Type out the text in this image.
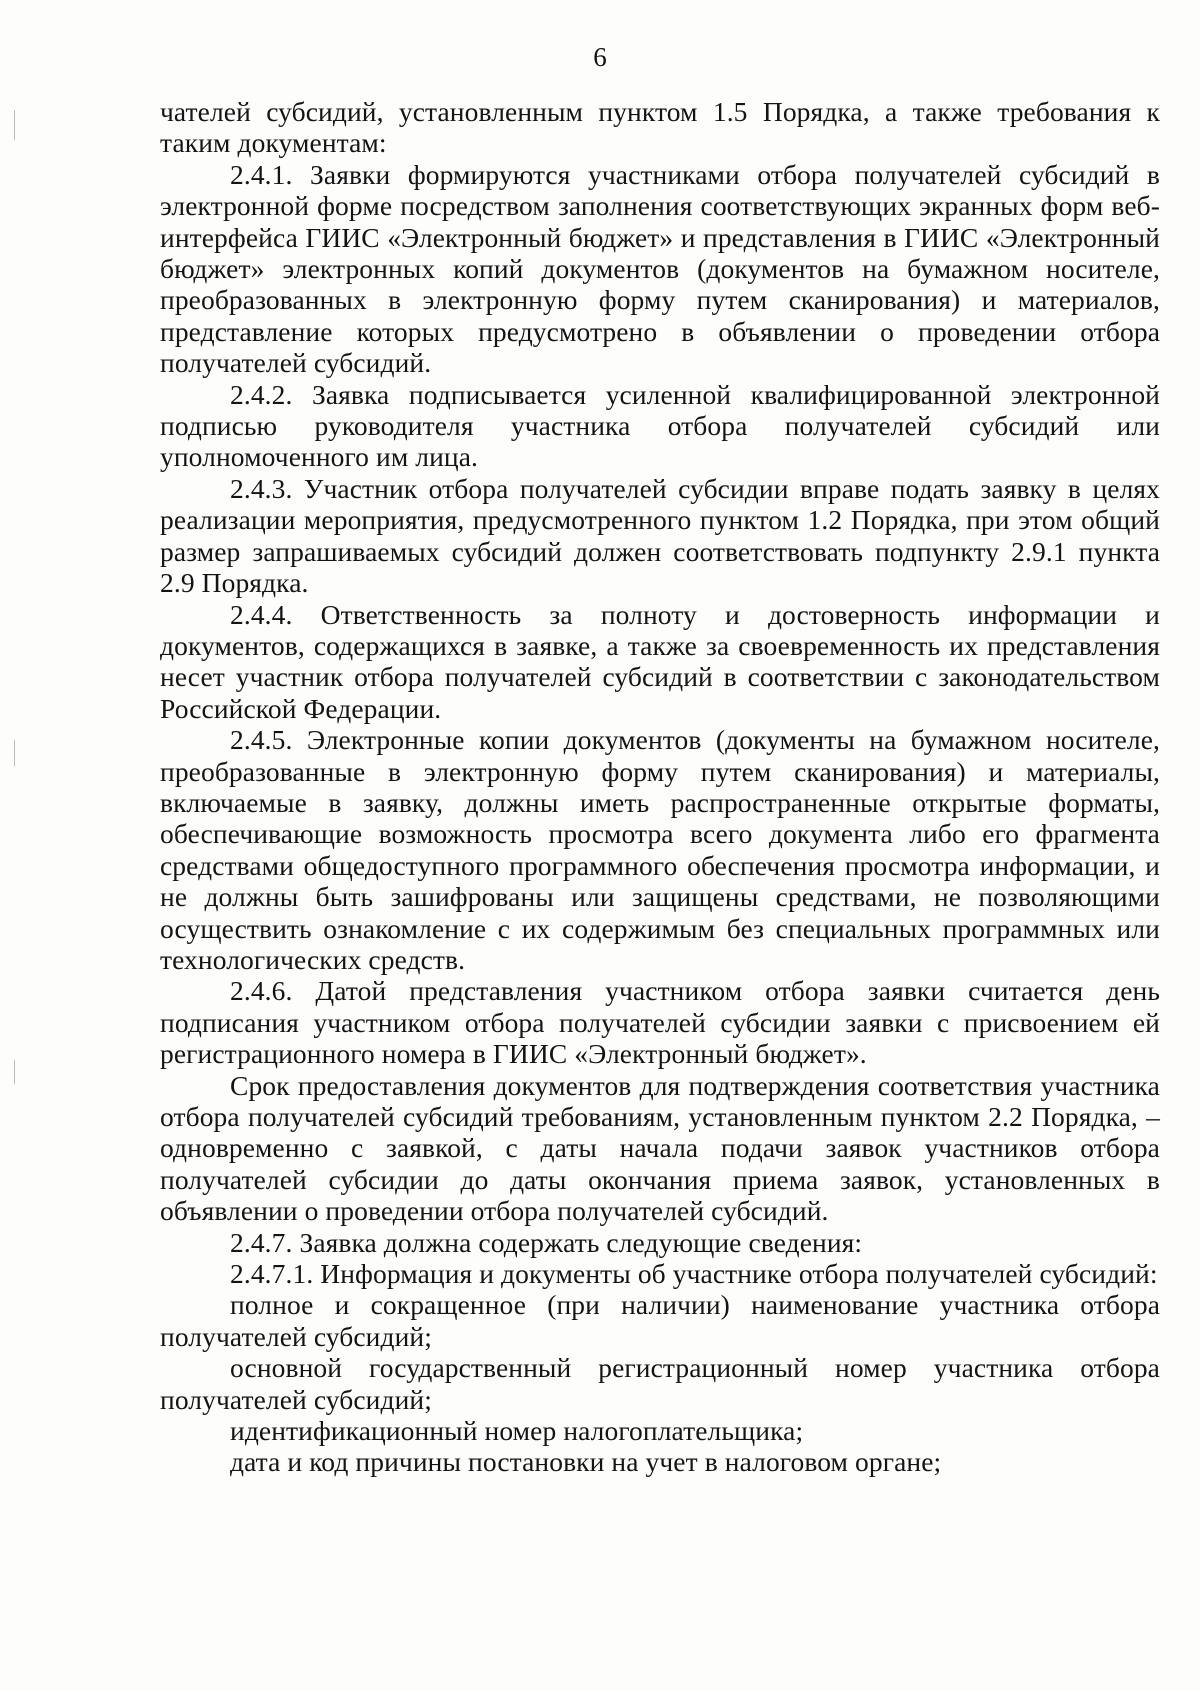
6

чателей субсидий, установленным пунктом 1.5 Порядка, а также требования к таким документам:

2.4.1. Заявки формируются участниками отбора получателей субсидий в электронной форме посредством заполнения соответствующих экранных форм веб-интерфейса ГИИС «Электронный бюджет» и представления в ГИИС «Электронный бюджет» электронных копий документов (документов на бумажном носителе, преобразованных в электронную форму путем сканирования) и материалов, представление которых предусмотрено в объявлении о проведении отбора получателей субсидий.

2.4.2. Заявка подписывается усиленной квалифицированной электронной подписью руководителя участника отбора получателей субсидий или уполномоченного им лица.

2.4.3. Участник отбора получателей субсидии вправе подать заявку в целях реализации мероприятия, предусмотренного пунктом 1.2 Порядка, при этом общий размер запрашиваемых субсидий должен соответствовать подпункту 2.9.1 пункта 2.9 Порядка.

2.4.4. Ответственность за полноту и достоверность информации и документов, содержащихся в заявке, а также за своевременность их представления несет участник отбора получателей субсидий в соответствии с законодательством Российской Федерации.

2.4.5. Электронные копии документов (документы на бумажном носителе, преобразованные в электронную форму путем сканирования) и материалы, включаемые в заявку, должны иметь распространенные открытые форматы, обеспечивающие возможность просмотра всего документа либо его фрагмента средствами общедоступного программного обеспечения просмотра информации, и не должны быть зашифрованы или защищены средствами, не позволяющими осуществить ознакомление с их содержимым без специальных программных или технологических средств.

2.4.6. Датой представления участником отбора заявки считается день подписания участником отбора получателей субсидии заявки с присвоением ей регистрационного номера в ГИИС «Электронный бюджет».

Срок предоставления документов для подтверждения соответствия участника отбора получателей субсидий требованиям, установленным пунктом 2.2 Порядка, – одновременно с заявкой, с даты начала подачи заявок участников отбора получателей субсидии до даты окончания приема заявок, установленных в объявлении о проведении отбора получателей субсидий.

2.4.7. Заявка должна содержать следующие сведения:

2.4.7.1. Информация и документы об участнике отбора получателей субсидий:

полное и сокращенное (при наличии) наименование участника отбора получателей субсидий;

основной государственный регистрационный номер участника отбора получателей субсидий;

идентификационный номер налогоплательщика;

дата и код причины постановки на учет в налоговом органе;
